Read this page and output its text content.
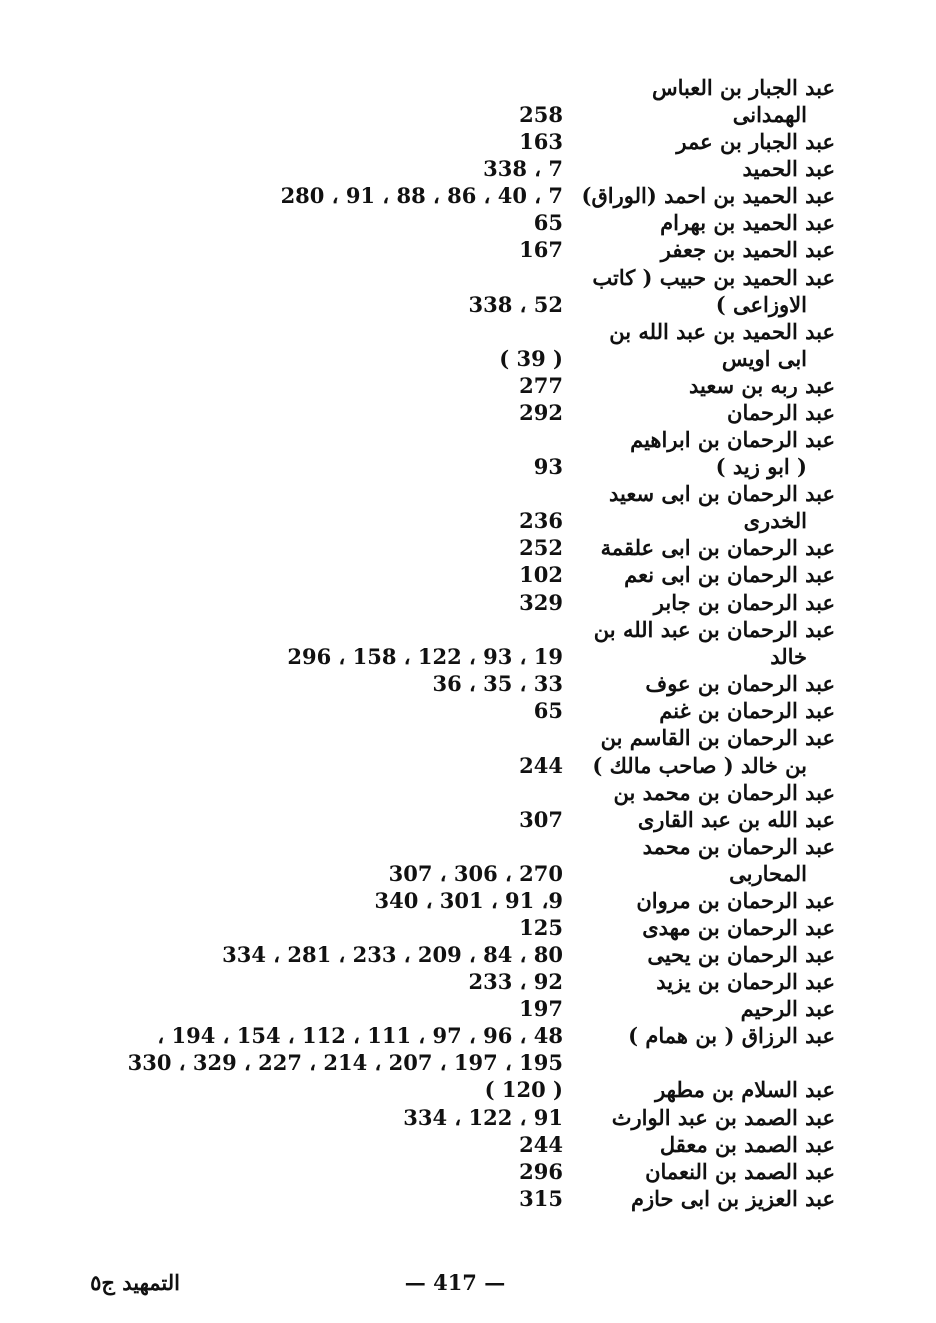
عبد الجبار بن العباس
الهمدانى
258
عبد الجبار بن عمر
163
عبد الحميد
7 ، 338
عبد الحميد بن احمد (الوراق)
7 ، 40 ، 86 ، 88 ، 91 ، 280
عبد الحميد بن بهرام
65
عبد الحميد بن جعفر
167
عبد الحميد بن حبيب ( كاتب
الاوزاعى )
52 ، 338
عبد الحميد بن عبد الله بن
ابى اويس
( 39 )
عبد ربه بن سعيد
277
عبد الرحمان
292
عبد الرحمان بن ابراهيم
( ابو زيد )
93
عبد الرحمان بن ابى سعيد
الخدرى
236
عبد الرحمان بن ابى علقمة
252
عبد الرحمان بن ابى نعم
102
عبد الرحمان بن جابر
329
عبد الرحمان بن عبد الله بن
خالد
19 ، 93 ، 122 ، 158 ، 296
عبد الرحمان بن عوف
33 ، 35 ، 36
عبد الرحمان بن غنم
65
عبد الرحمان بن القاسم بن
بن خالد ( صاحب مالك )
244
عبد الرحمان بن محمد بن
عبد الله بن عبد القارى
307
عبد الرحمان بن محمد
المحاربى
270 ، 306 ، 307
عبد الرحمان بن مروان
9، 91 ، 301 ، 340
عبد الرحمان بن مهدى
125
عبد الرحمان بن يحيى
80 ، 84 ، 209 ، 233 ، 281 ، 334
عبد الرحمان بن يزيد
92 ، 233
عبد الرحيم
197
عبد الرزاق ( بن همام )
48 ، 96 ، 97 ، 111 ، 112 ، 154 ، 194 ،
195 ، 197 ، 207 ، 214 ، 227 ، 329 ، 330
عبد السلام بن مطهر
( 120 )
عبد الصمد بن عبد الوارث
91 ، 122 ، 334
عبد الصمد بن معقل
244
عبد الصمد بن النعمان
296
عبد العزيز بن ابى حازم
315
— 417 —
التمهيد ج٥
